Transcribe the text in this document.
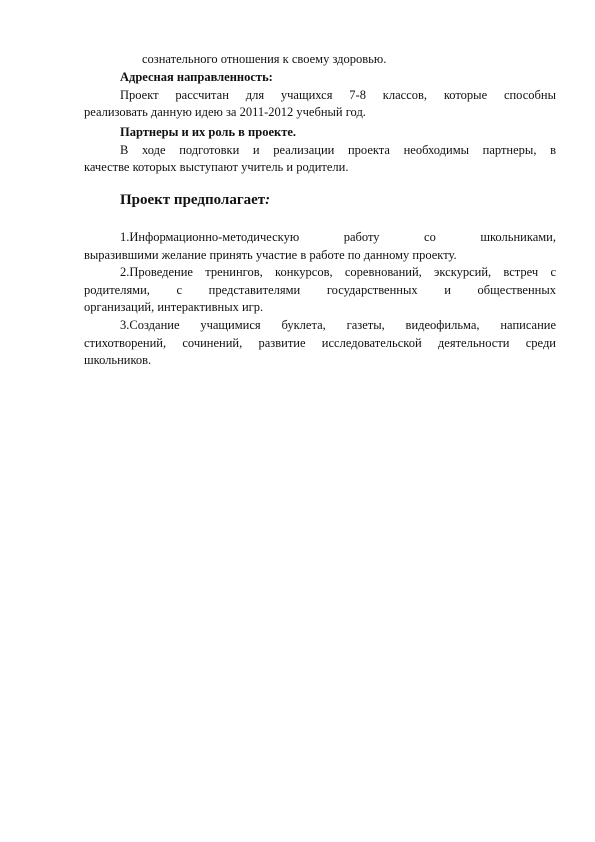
сознательного отношения к своему здоровью.
Адресная направленность:
Проект рассчитан для учащихся 7-8 классов, которые способны
реализовать данную идею за 2011-2012 учебный год.
Партнеры и их роль в проекте.
В ходе подготовки и реализации проекта необходимы партнеры, в
качестве которых выступают учитель и родители.
Проект предполагает:
1.Информационно-методическую работу со школьниками,
выразившими желание принять участие в работе по данному проекту.
2.Проведение тренингов, конкурсов, соревнований, экскурсий, встреч с
родителями, с представителями государственных и общественных
организаций, интерактивных игр.
3.Создание учащимися буклета, газеты, видеофильма, написание
стихотворений, сочинений, развитие исследовательской деятельности среди
школьников.
